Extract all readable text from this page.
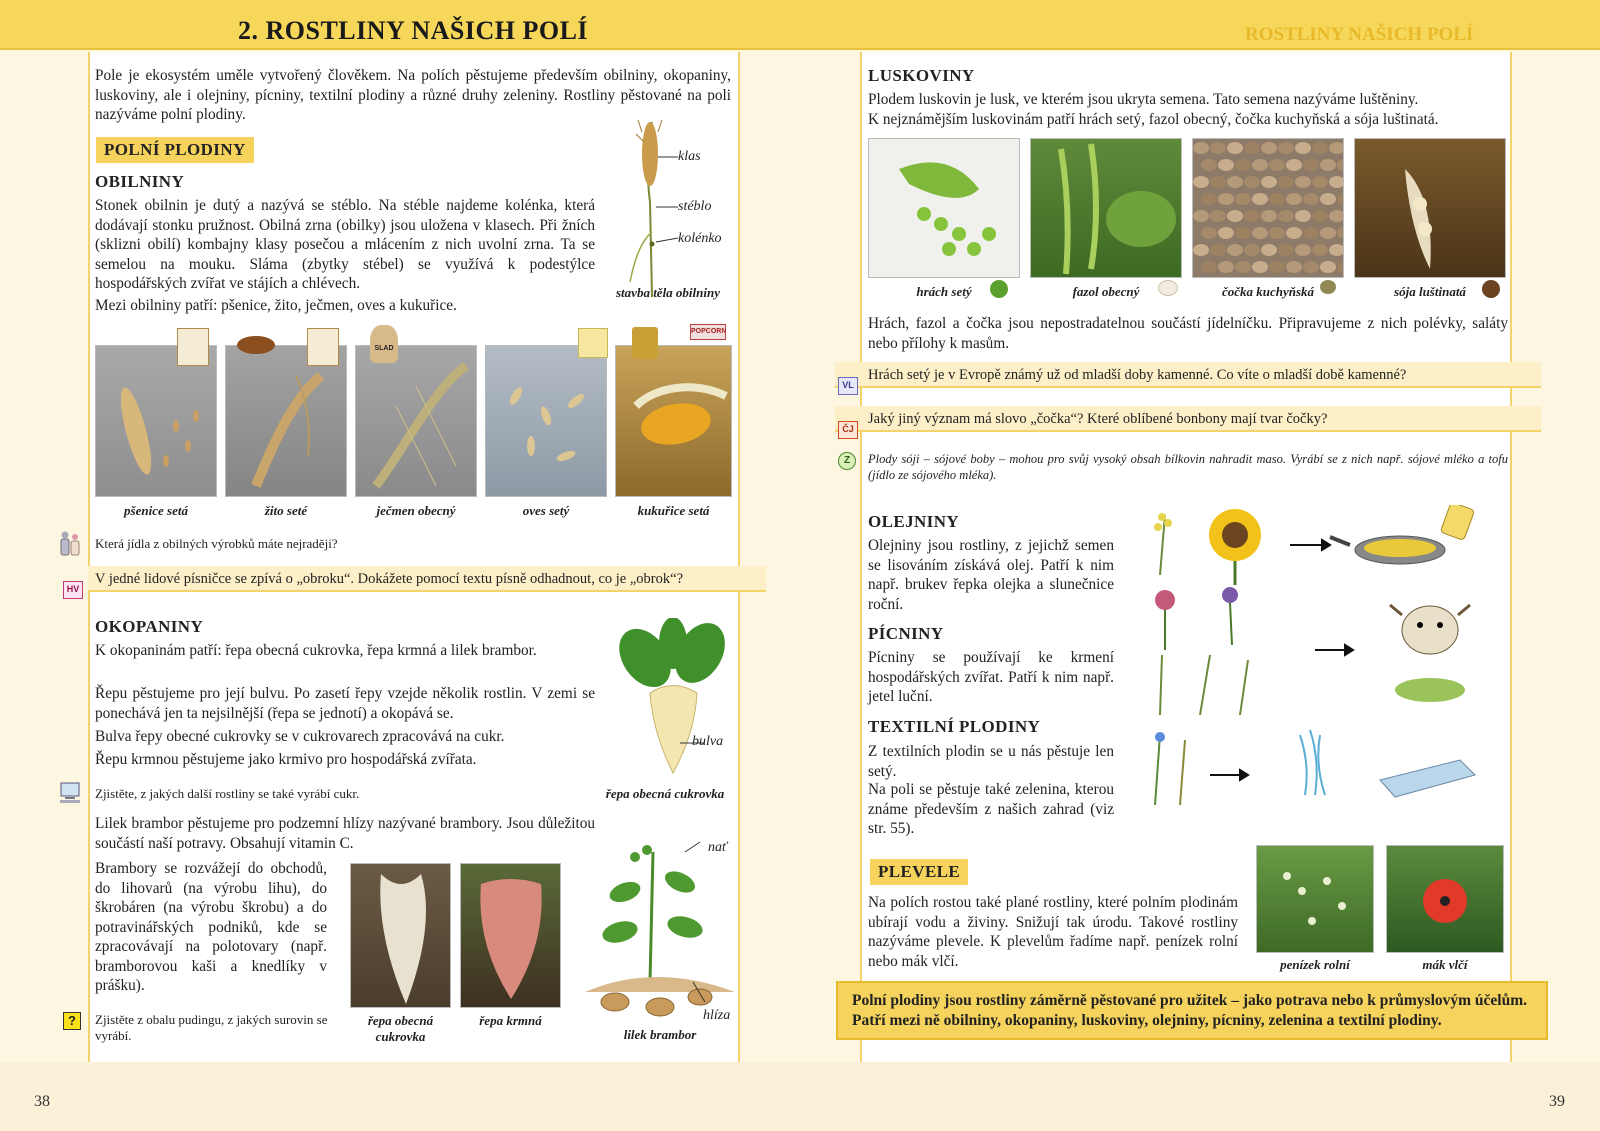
2. ROSTLINY NAŠICH POLÍ	ROSTLINY NAŠICH POLÍ

Pole je ekosystém uměle vytvořený člověkem. Na polích pěstujeme především obilniny, okopaniny, luskoviny, ale i olejniny, pícniny, textilní plodiny a různé druhy zeleniny. Rostliny pěstované na poli nazýváme polní plodiny.

POLNÍ PLODINY
OBILNINY

Stonek obilnin je dutý a nazývá se stéblo. Na stéble najdeme kolénka, která dodávají stonku pružnost. Obilná zrna (obilky) jsou uložena v klasech. Při žních (sklizni obilí) kombajny klasy posečou a mlácením z nich uvolní zrna. Ta se semelou na mouku. Sláma (zbytky stébel) se využívá k podestýlce hospodářských zvířat ve stájích a chlévech.

Mezi obilniny patří: pšenice, žito, ječmen, oves a kukuřice.

klas
stéblo
kolénko
stavba těla obilniny
SLAD
POPCORN
pšenice setá	žito seté	ječmen obecný	oves setý	kukuřice setá
Která jídla z obilných výrobků máte nejraději?
HV
V jedné lidové písničce se zpívá o „obroku“. Dokážete pomocí textu písně odhadnout, co je „obrok“?
OKOPANINY

K okopaninám patří: řepa obecná cukrovka, řepa krmná a lilek brambor.

Řepu pěstujeme pro její bulvu. Po zasetí řepy vzejde několik rostlin. V zemi se ponechává jen ta nejsilnější (řepa se jednotí) a okopává se.

Bulva řepy obecné cukrovky se v cukrovarech zpracovává na cukr.

Řepu krmnou pěstujeme jako krmivo pro hospodářská zvířata.

bulva
řepa obecná cukrovka
Zjistěte, z jakých další rostliny se také vyrábí cukr.

Lilek brambor pěstujeme pro podzemní hlízy nazývané brambory. Jsou důležitou součástí naší potravy. Obsahují vitamin C.

Brambory se rozvážejí do obchodů, do lihovarů (na výrobu lihu), do škrobáren (na výrobu škrobu) a do potravinářských podniků, kde se zpracovávají na polotovary (např. bramborovou kaši a knedlíky v prášku).

řepa obecná cukrovka
řepa krmná
nať
hlíza
lilek brambor
?	Zjistěte z obalu pudingu, z jakých surovin se vyrábí.
38
LUSKOVINY

Plodem luskovin je lusk, ve kterém jsou ukryta semena. Tato semena nazýváme luštěniny.

K nejznámějším luskovinám patří hrách setý, fazol obecný, čočka kuchyňská a sója luštinatá.

hrách setý	fazol obecný	čočka kuchyňská	sója luštinatá

Hrách, fazol a čočka jsou nepostradatelnou součástí jídelníčku. Připravujeme z nich polévky, saláty nebo přílohy k masům.

VL
Hrách setý je v Evropě známý už od mladší doby kamenné. Co víte o mladší době kamenné?
ČJ
Jaký jiný význam má slovo „čočka“? Které oblíbené bonbony mají tvar čočky?
Z	Plody sóji – sójové boby – mohou pro svůj vysoký obsah bílkovin nahradit maso. Vyrábí se z nich např. sójové mléko a tofu (jídlo ze sójového mléka).
OLEJNINY

Olejniny jsou rostliny, z jejichž semen se lisováním získává olej. Patří k nim např. brukev řepka olejka a slunečnice roční.

PÍCNINY

Pícniny se používají ke krmení hospodářských zvířat. Patří k nim např. jetel luční.

TEXTILNÍ PLODINY

Z textilních plodin se u nás pěstuje len setý.

Na poli se pěstuje také zelenina, kterou známe především z našich zahrad (viz str. 55).

PLEVELE

Na polích rostou také plané rostliny, které polním plodinám ubírají vodu a živiny. Snižují tak úrodu. Takové rostliny nazýváme plevele. K plevelům řadíme např. penízek rolní nebo mák vlčí.	penízek rolní	mák vlčí
Polní plodiny jsou rostliny záměrně pěstované pro užitek – jako potrava nebo k průmyslovým účelům. Patří mezi ně obilniny, okopaniny, luskoviny, olejniny, pícniny, zelenina a textilní plodiny.
39
